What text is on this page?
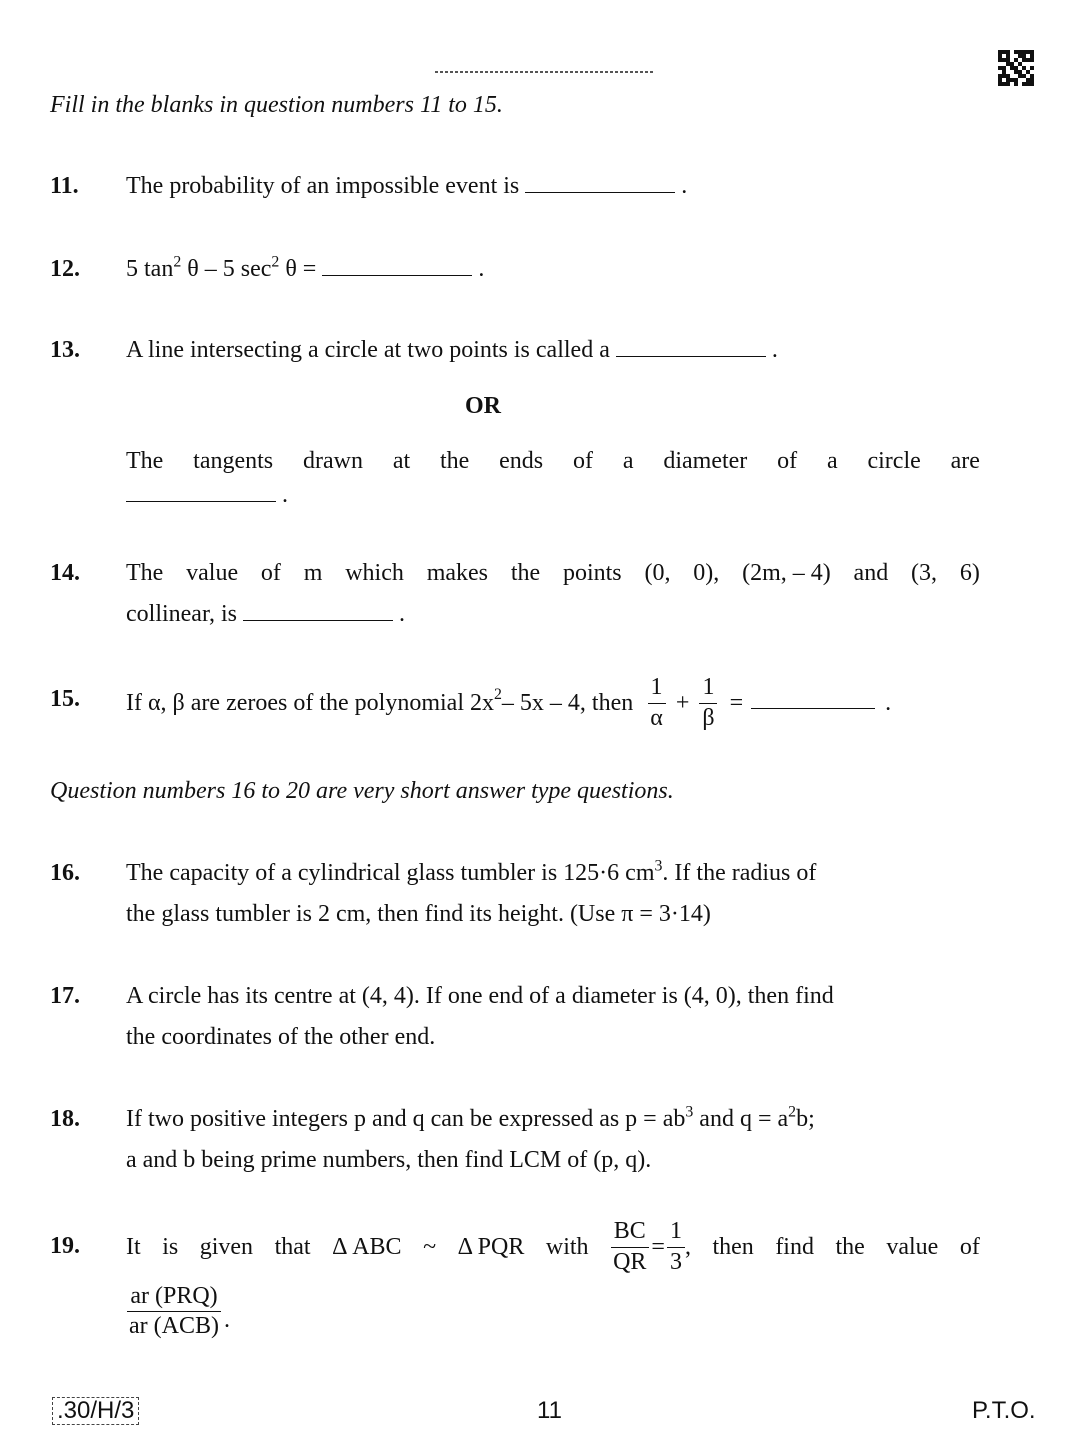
Fill in the blanks in question numbers 11 to 15.
11. The probability of an impossible event is	.
12. 5 $\tan^2 \theta - 5$ $\sec^2 \theta$ =	.
13. A line intersecting a circle at two points is called a	.
OR
The tangents drawn at the ends of a diameter of a circle are
.
14. The value of m which makes the points (0, 0), (2m, – 4) and (3, 6)
collinear, is	.
15. If α, β are zeroes of the polynomial $2x^2 - 5x - 4$, then $\frac{1}{\alpha} + \frac{1}{\beta}$ =	.
Question numbers 16 to 20 are very short answer type questions.
16. The capacity of a cylindrical glass tumbler is 125·6 $cm^3$. If the radius of
the glass tumbler is 2 cm, then find its height. (Use π = 3·14)
17. A circle has its centre at (4, 4). If one end of a diameter is (4, 0), then find
the coordinates of the other end.
18. If two positive integers p and q can be expressed as $p = ab^3$ and $q = a^2b$;
a and b being prime numbers, then find LCM of (p, q).
19. It is given that Δ ABC ~ Δ PQR with $\frac{BC}{QR} = \frac{1}{3}$ , then find the value of
$\frac{\text{ar (PRQ)}}{\text{ar (ACB)}}$ .
.30/H/3	11	P.T.O.
